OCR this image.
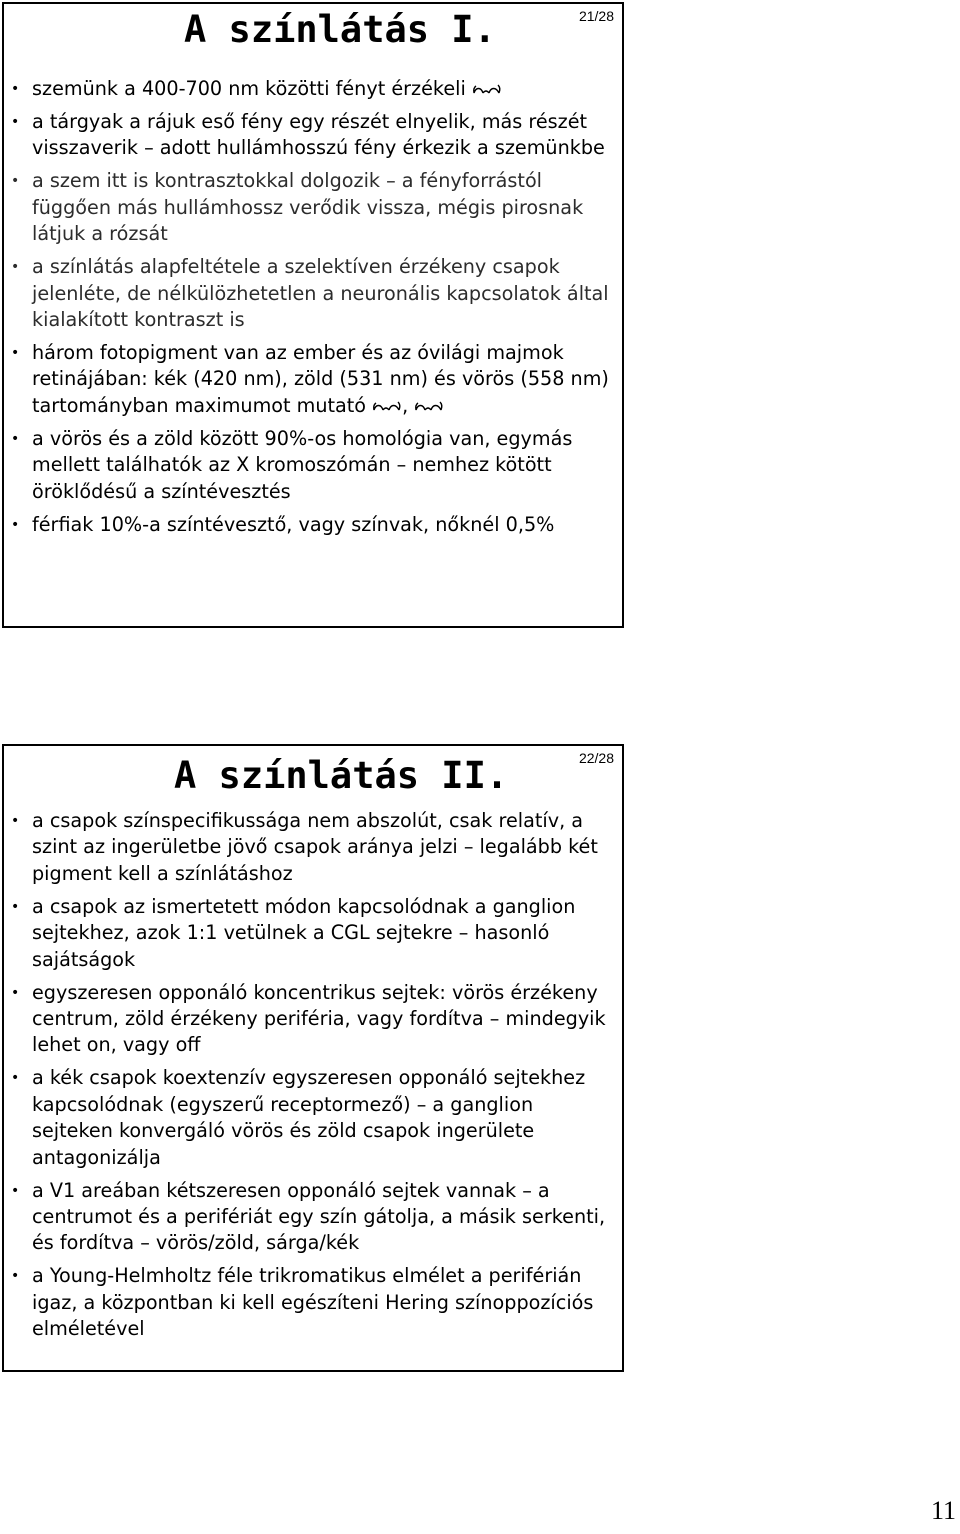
A színlátás I.	21/28
• szemünk a 400-700 nm közötti fényt érzékeli
• a tárgyak a rájuk eső fény egy részét elnyelik, más részét visszaverik – adott hullámhosszú fény érkezik a szemünkbe
• a szem itt is kontrasztokkal dolgozik – a fényforrástól függően más hullámhossz verődik vissza, mégis pirosnak látjuk a rózsát
• a színlátás alapfeltétele a szelektíven érzékeny csapok jelenléte, de nélkülözhetetlen a neuronális kapcsolatok által kialakított kontraszt is
• három fotopigment van az ember és az óvilági majmok retinájában: kék (420 nm), zöld (531 nm) és vörös (558 nm) tartományban maximumot mutató ,
• a vörös és a zöld között 90%-os homológia van, egymás mellett találhatók az X kromoszómán – nemhez kötött öröklődésű a színtévesztés
• férfiak 10%-a színtévesztő, vagy színvak, nőknél 0,5%
A színlátás II.	22/28
• a csapok színspecifikussága nem abszolút, csak relatív, a szint az ingerületbe jövő csapok aránya jelzi – legalább két pigment kell a színlátáshoz
• a csapok az ismertetett módon kapcsolódnak a ganglion sejtekhez, azok 1:1 vetülnek a CGL sejtekre – hasonló sajátságok
• egyszeresen opponáló koncentrikus sejtek: vörös érzékeny centrum, zöld érzékeny periféria, vagy fordítva – mindegyik lehet on, vagy off
• a kék csapok koextenzív egyszeresen opponáló sejtekhez kapcsolódnak (egyszerű receptormező) – a ganglion sejteken konvergáló vörös és zöld csapok ingerülete antagonizálja
• a V1 areában kétszeresen opponáló sejtek vannak – a centrumot és a perifériát egy szín gátolja, a másik serkenti, és fordítva – vörös/zöld, sárga/kék
• a Young-Helmholtz féle trikromatikus elmélet a periférián igaz, a központban ki kell egészíteni Hering színoppozíciós elméletével
11
